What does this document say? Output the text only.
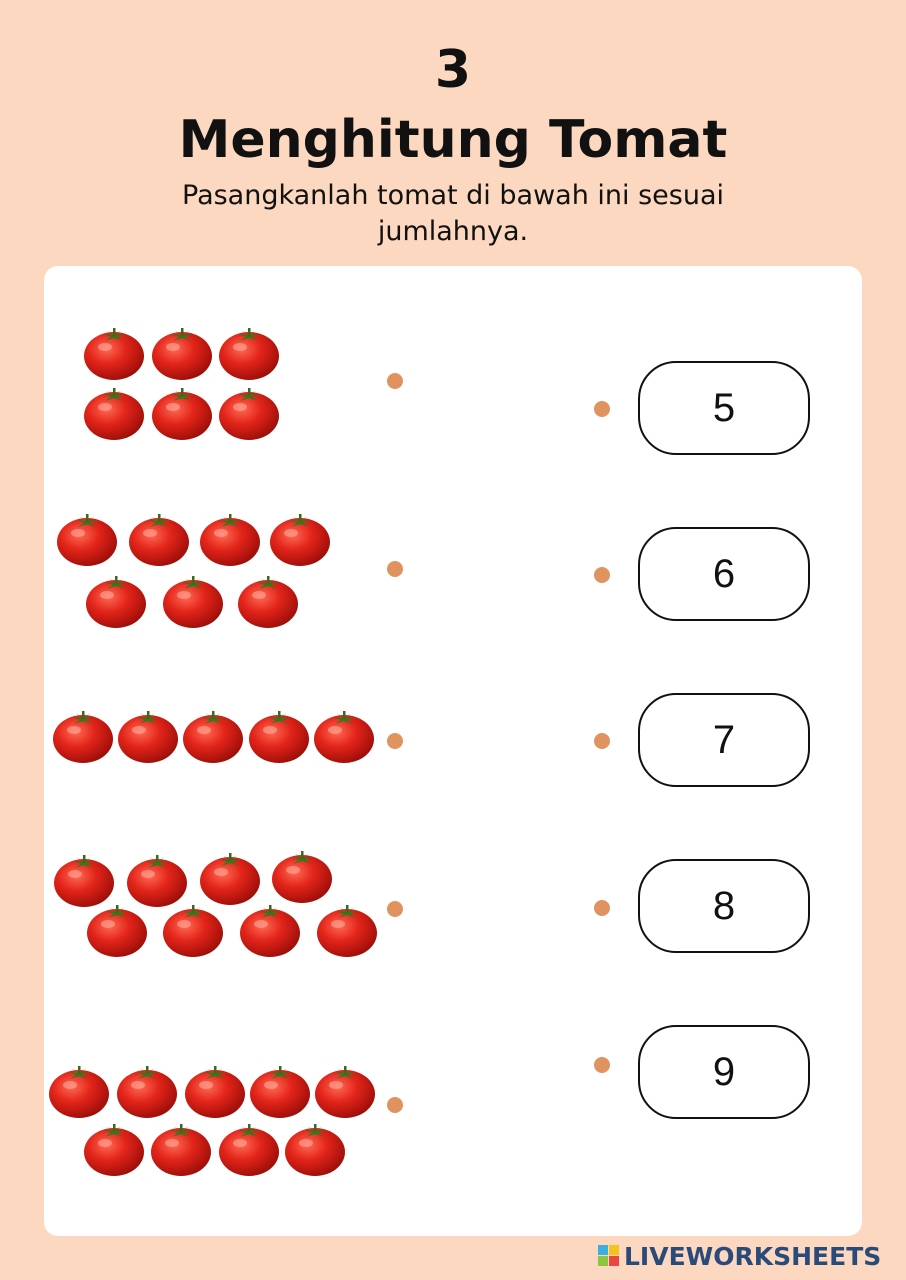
3
Menghitung Tomat
Pasangkanlah tomat di bawah ini sesuai jumlahnya.
5
6
7
8
9
LIVEWORKSHEETS
